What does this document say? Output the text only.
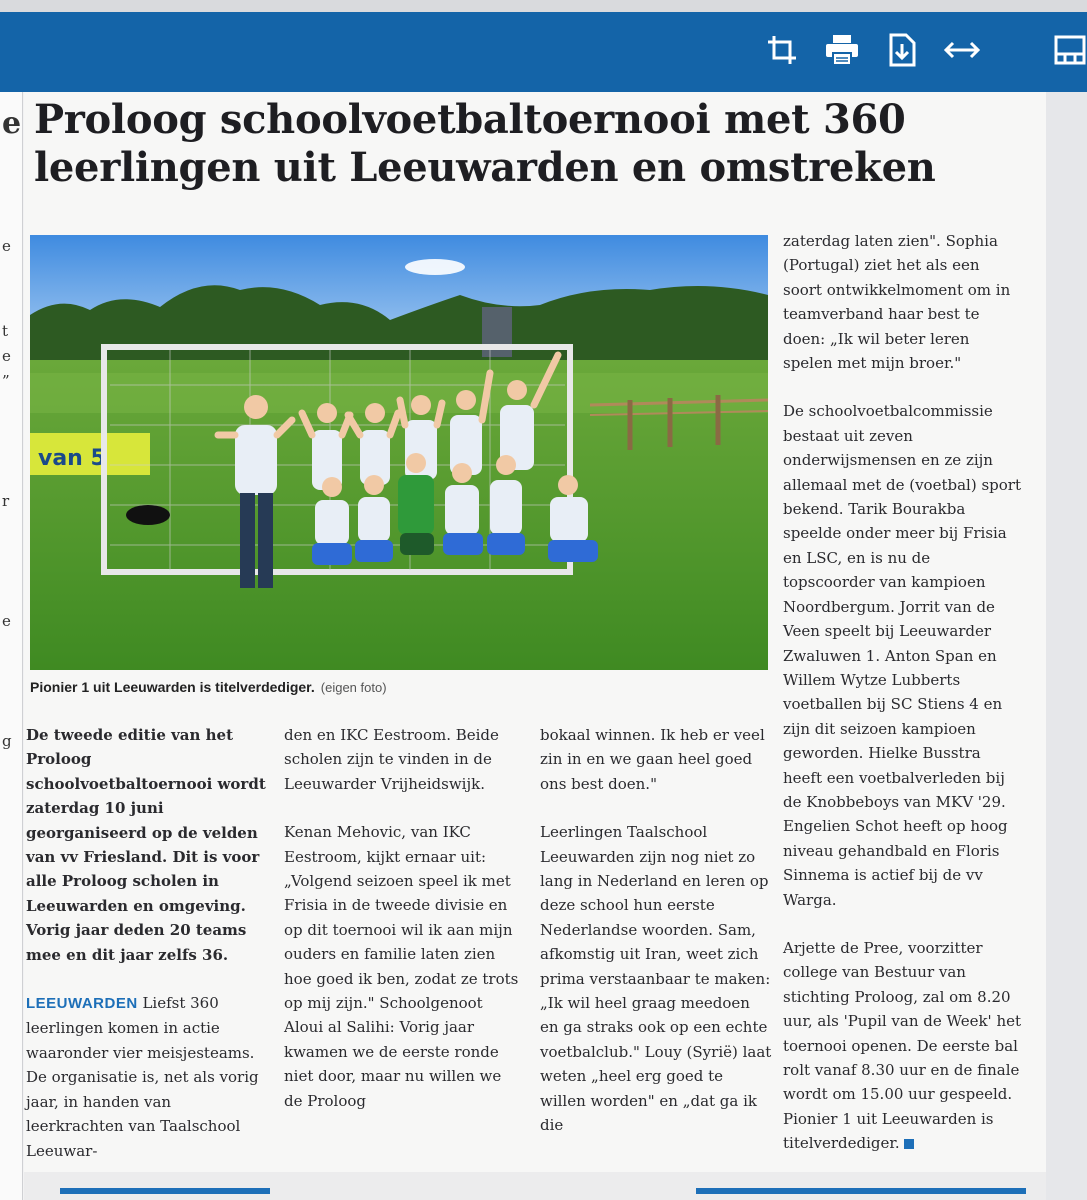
e
e
t
e
”
r
e
g
Proloog schoolvoetbaltoernooi met 360 leerlingen uit Leeuwarden en omstreken
van 5
Pionier 1 uit Leeuwarden is titelverdediger. (eigen foto)

zaterdag laten zien". Sophia (Portugal) ziet het als een soort ontwikkelmoment om in teamverband haar best te doen: „Ik wil beter leren spelen met mijn broer."

De schoolvoetbalcommissie bestaat uit zeven onderwijsmensen en ze zijn allemaal met de (voetbal) sport bekend. Tarik Bourakba speelde onder meer bij Frisia en LSC, en is nu de topscoorder van kampioen Noordbergum. Jorrit van de Veen speelt bij Leeuwarder Zwaluwen 1. Anton Span en Willem Wytze Lubberts voetballen bij SC Stiens 4 en zijn dit seizoen kampioen geworden. Hielke Busstra heeft een voetbalverleden bij de Knobbeboys van MKV '29. Engelien Schot heeft op hoog niveau gehandbald en Floris Sinnema is actief bij de vv Warga.

Arjette de Pree, voorzitter college van Bestuur van stichting Proloog, zal om 8.20 uur, als 'Pupil van de Week' het toernooi openen. De eerste bal rolt vanaf 8.30 uur en de finale wordt om 15.00 uur gespeeld. Pionier 1 uit Leeuwarden is titelverdediger.

De tweede editie van het Proloog schoolvoetbaltoernooi wordt zaterdag 10 juni georganiseerd op de velden van vv Friesland. Dit is voor alle Proloog scholen in Leeuwarden en omgeving. Vorig jaar deden 20 teams mee en dit jaar zelfs 36.

LEEUWARDEN Liefst 360 leerlingen komen in actie waaronder vier meisjesteams. De organisatie is, net als vorig jaar, in handen van leerkrachten van Taalschool Leeuwar-

den en IKC Eestroom. Beide scholen zijn te vinden in de Leeuwarder Vrijheidswijk.

Kenan Mehovic, van IKC Eestroom, kijkt ernaar uit: „Volgend seizoen speel ik met Frisia in de tweede divisie en op dit toernooi wil ik aan mijn ouders en familie laten zien hoe goed ik ben, zodat ze trots op mij zijn." Schoolgenoot Aloui al Salihi: Vorig jaar kwamen we de eerste ronde niet door, maar nu willen we de Proloog

bokaal winnen. Ik heb er veel zin in en we gaan heel goed ons best doen."

Leerlingen Taalschool Leeuwarden zijn nog niet zo lang in Nederland en leren op deze school hun eerste Nederlandse woorden. Sam, afkomstig uit Iran, weet zich prima verstaanbaar te maken: „Ik wil heel graag meedoen en ga straks ook op een echte voetbalclub." Louy (Syrië) laat weten „heel erg goed te willen worden" en „dat ga ik die
